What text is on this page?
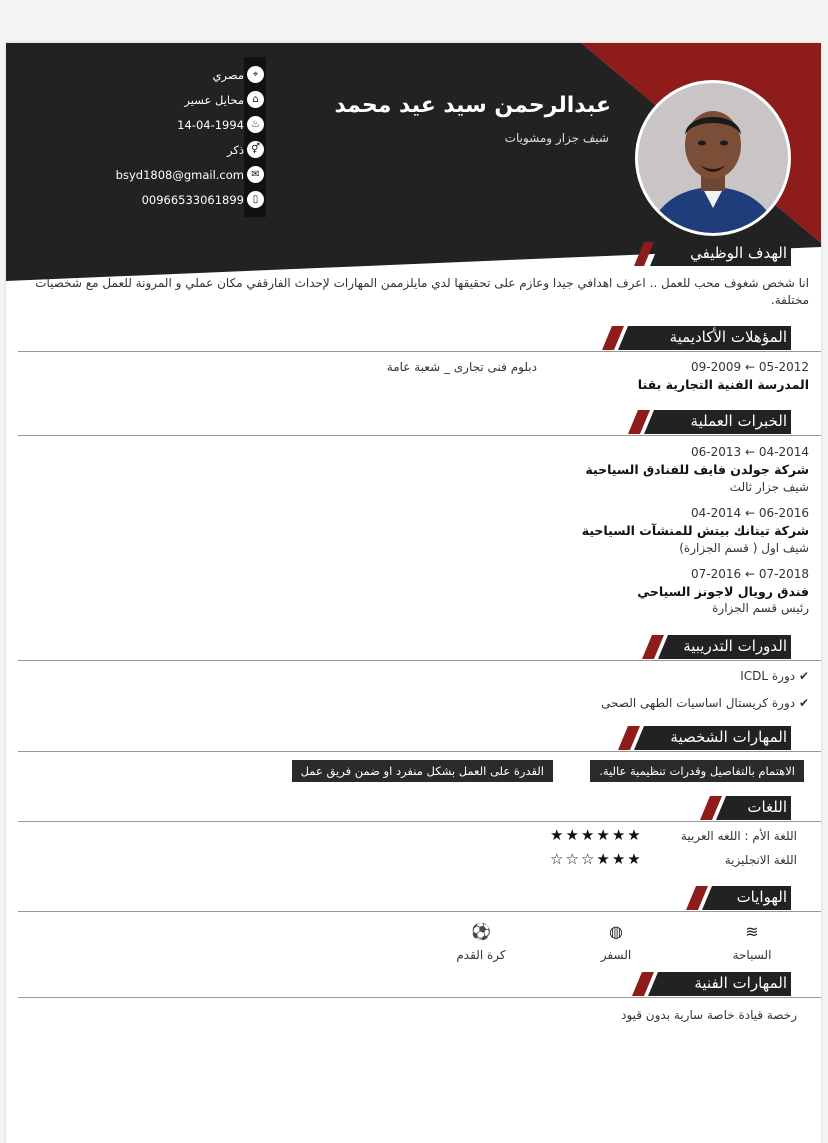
عبدالرحمن سيد عيد محمد
شيف جزار ومشويات
⌖
مصري
⌂
محايل عسير
♨
14-04-1994
⚥
ذكر
✉
bsyd1808@gmail.com
▯
00966533061899
الهدف الوظيفي
انا شخص شغوف محب للعمل .. اعرف اهدافي جيدا وعازم على تحقيقها لدي مايلزممن المهارات لإحداث الفارقفي مكان عملي و المرونة للعمل مع شخصيات مختلفة.
المؤهلات الأكاديمية
09-2009 ← 05-2012
المدرسة الفنية التجارية بقنا
دبلوم فنى تجارى _ شعبة عامة
الخبرات العملية
06-2013 ← 04-2014
شركة جولدن فايف للفنادق السياحية
شيف جزار ثالث
04-2014 ← 06-2016
شركة تيتانك بيتش للمنشآت السياحية
شيف اول ( قسم الجزارة)
07-2016 ← 07-2018
فندق رويال لاجونز السياحي
رئيس قسم الجزارة
الدورات التدريبية
✔ دورة ICDL
✔ دورة كريستال اساسيات الطهى الصحى
المهارات الشخصية
الاهتمام بالتفاصيل وقدرات تنظيمية عالية.
القدرة على العمل بشكل منفرد او ضمن فريق عمل
اللغات
اللغة الأم : اللغه العربية
★★★★★★
اللغة الانجليزية
☆☆☆★★★
الهوايات
≋
السباحة
◍
السفر
⚽
كرة القدم
المهارات الفنية
رخصة قيادة خاصة سارية بدون قيود
